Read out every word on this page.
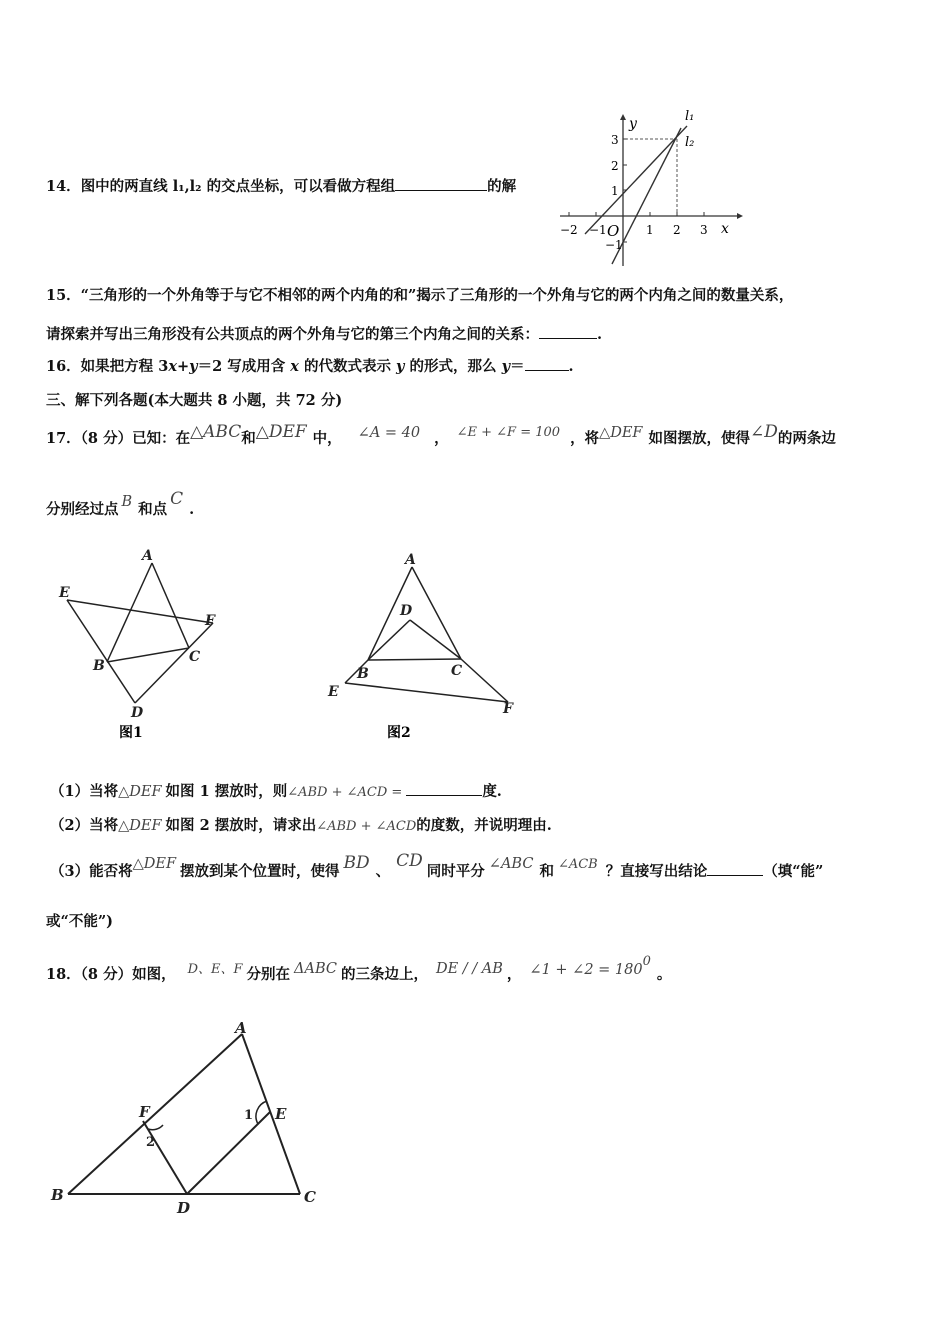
14．图中的两直线 l₁,l₂ 的交点坐标，可以看做方程组	的解
y
x
l₁
l₂
−2 −1 O 1 2 3
3
2
1
−1
15．“三角形的一个外角等于与它不相邻的两个内角的和”揭示了三角形的一个外角与它的两个内角之间的数量关系，
请探索并写出三角形没有公共顶点的两个外角与它的第三个内角之间的关系：	.
16．如果把方程 3x+y＝2 写成用含 x 的代数式表示 y 的形式，那么 y＝	.
三、解下列各题(本大题共 8 小题，共 72 分)
17．（8 分）已知：在△ABC和△DEF 中， ∠A = 40 ， ∠E + ∠F = 100 ，将△DEF 如图摆放，使得∠D的两条边
分别经过点 B 和点C.
A
B
C
D
E
F
图1
A
B	C
D
E
F
图2
（1）当将△DEF 如图 1 摆放时，则∠ABD + ∠ACD =	度.
（2）当将△DEF 如图 2 摆放时，请求出∠ABD + ∠ACD的度数，并说明理由.
（3）能否将△DEF 摆放到某个位置时，使得 BD 、CD同时平分 ∠ABC 和 ∠ACB ？直接写出结论	（填“能”
或“不能”)
18．（8 分）如图， D、E、F 分别在 ΔABC 的三条边上， DE / / AB ， ∠1 + ∠2 = $180^0$。
A
B	C
D
E
F	1
2
